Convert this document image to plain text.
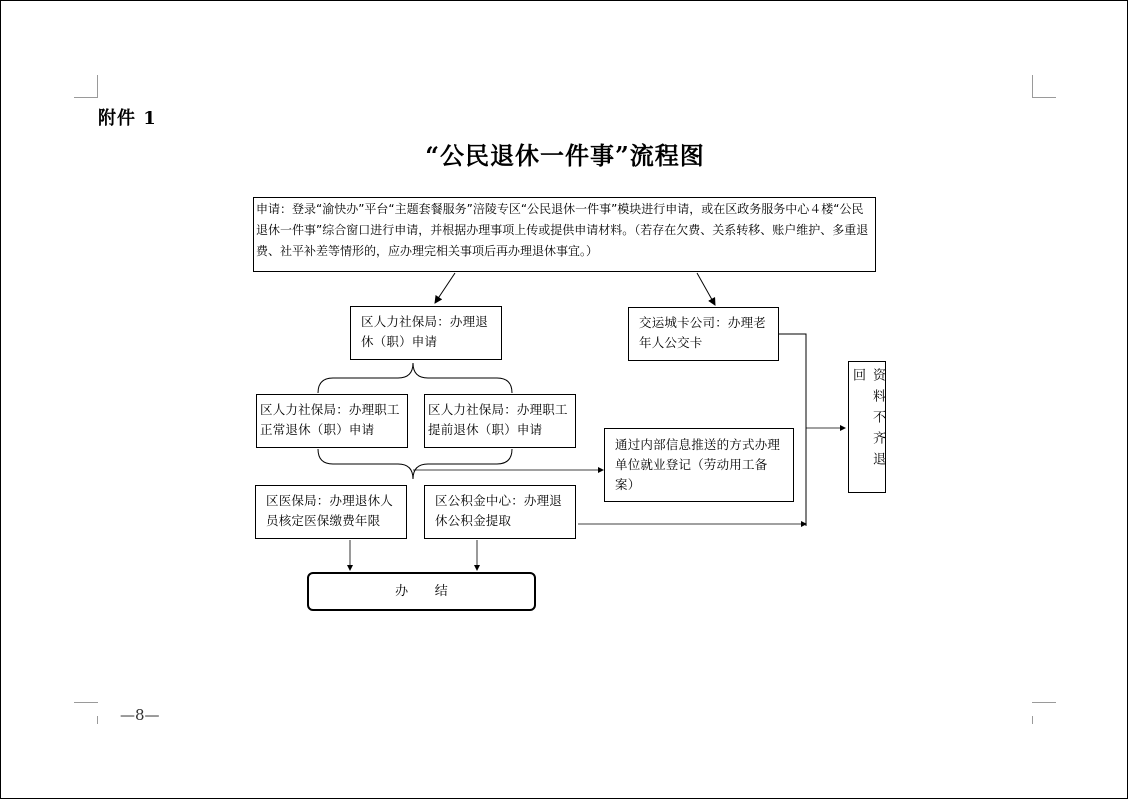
附件 1
“公民退休一件事”流程图
申请：登录“渝快办”平台“主题套餐服务”涪陵专区“公民退休一件事”模块进行申请，或在区政务服务中心４楼“公民退休一件事”综合窗口进行申请，并根据办理事项上传或提供申请材料。（若存在欠费、关系转移、账户维护、多重退费、社平补差等情形的，应办理完相关事项后再办理退休事宜。）
区人力社保局：办理退休（职）申请
交运城卡公司：办理老年人公交卡
区人力社保局：办理职工正常退休（职）申请
区人力社保局：办理职工提前退休（职）申请
通过内部信息推送的方式办理单位就业登记（劳动用工备案）
资料不齐退回
区医保局：办理退休人员核定医保缴费年限
区公积金中心：办理退休公积金提取
办　　结
—8—
